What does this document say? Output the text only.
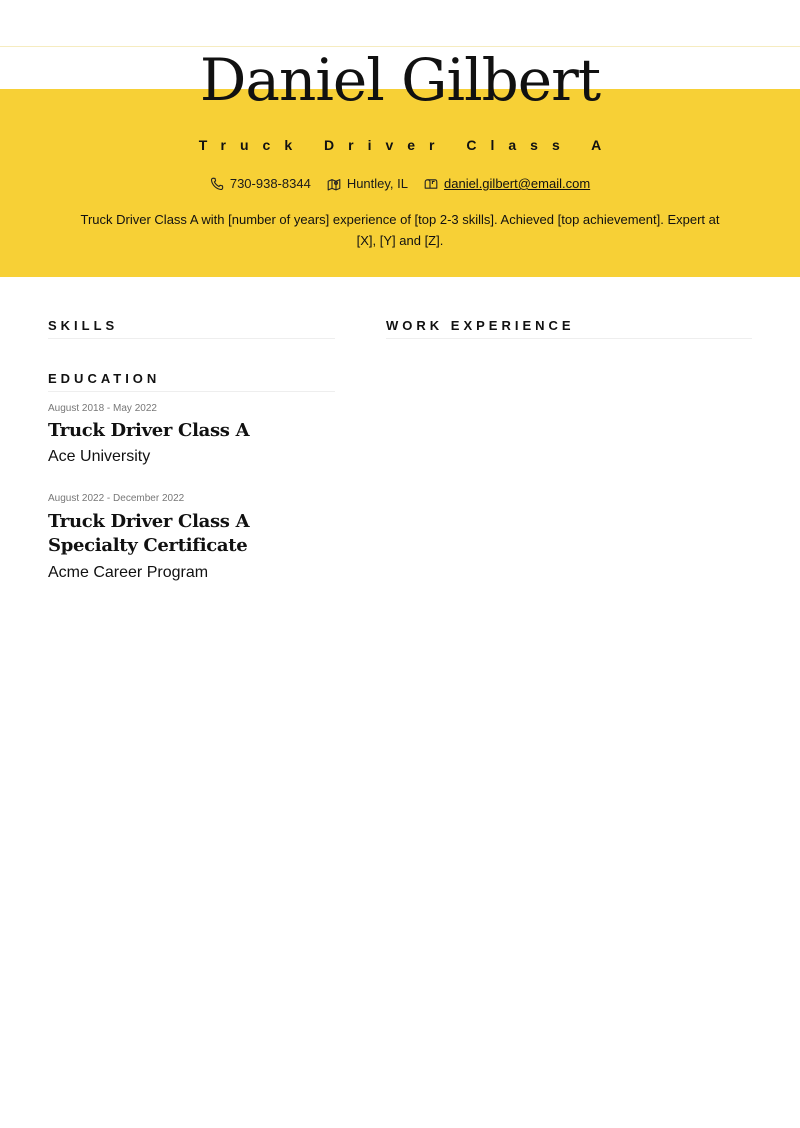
Daniel Gilbert
Truck Driver Class A
730-938-8344	Huntley, IL	daniel.gilbert@email.com

Truck Driver Class A with [number of years] experience of [top 2-3 skills]. Achieved [top achievement]. Expert at [X], [Y] and [Z].

SKILLS	WORK EXPERIENCE
EDUCATION

August 2018 - May 2022

Truck Driver Class A

Ace University

August 2022 - December 2022

Truck Driver Class A Specialty Certificate

Acme Career Program
